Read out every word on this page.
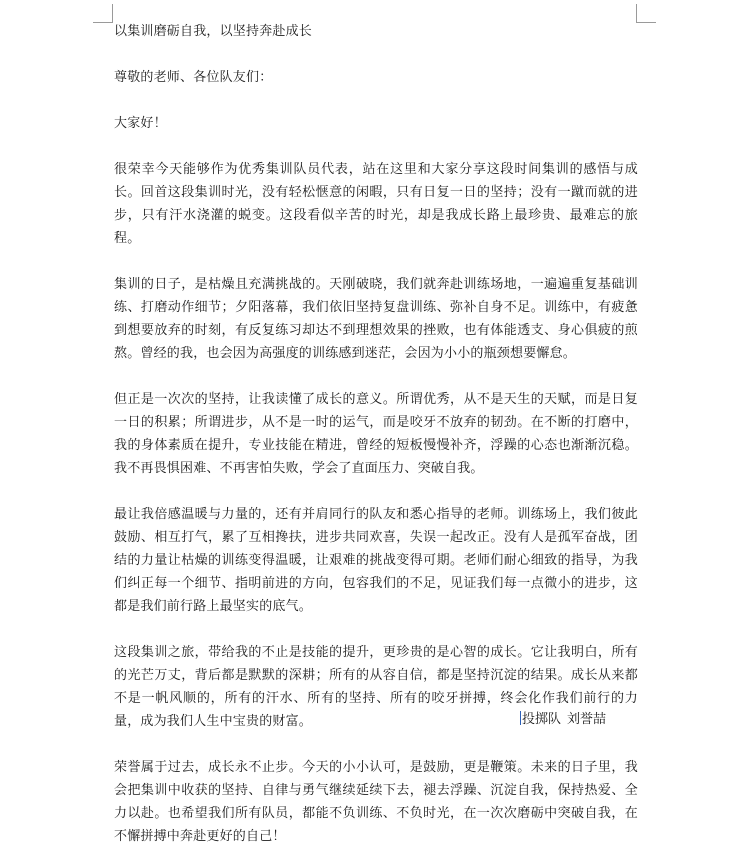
以集训磨砺自我，以坚持奔赴成长

尊敬的老师、各位队友们：

大家好！

很荣幸今天能够作为优秀集训队员代表，站在这里和大家分享这段时间集训的感悟与成长。回首这段集训时光，没有轻松惬意的闲暇，只有日复一日的坚持；没有一蹴而就的进步，只有汗水浇灌的蜕变。这段看似辛苦的时光，却是我成长路上最珍贵、最难忘的旅程。

集训的日子，是枯燥且充满挑战的。天刚破晓，我们就奔赴训练场地，一遍遍重复基础训练、打磨动作细节；夕阳落幕，我们依旧坚持复盘训练、弥补自身不足。训练中，有疲惫到想要放弃的时刻，有反复练习却达不到理想效果的挫败，也有体能透支、身心俱疲的煎熬。曾经的我，也会因为高强度的训练感到迷茫，会因为小小的瓶颈想要懈怠。

但正是一次次的坚持，让我读懂了成长的意义。所谓优秀，从不是天生的天赋，而是日复一日的积累；所谓进步，从不是一时的运气，而是咬牙不放弃的韧劲。在不断的打磨中，我的身体素质在提升，专业技能在精进，曾经的短板慢慢补齐，浮躁的心态也渐渐沉稳。我不再畏惧困难、不再害怕失败，学会了直面压力、突破自我。

最让我倍感温暖与力量的，还有并肩同行的队友和悉心指导的老师。训练场上，我们彼此鼓励、相互打气，累了互相搀扶，进步共同欢喜，失误一起改正。没有人是孤军奋战，团结的力量让枯燥的训练变得温暖，让艰难的挑战变得可期。老师们耐心细致的指导，为我们纠正每一个细节、指明前进的方向，包容我们的不足，见证我们每一点微小的进步，这都是我们前行路上最坚实的底气。

这段集训之旅，带给我的不止是技能的提升，更珍贵的是心智的成长。它让我明白，所有的光芒万丈，背后都是默默的深耕；所有的从容自信，都是坚持沉淀的结果。成长从来都不是一帆风顺的，所有的汗水、所有的坚持、所有的咬牙拼搏，终会化作我们前行的力量，成为我们人生中宝贵的财富。

荣誉属于过去，成长永不止步。今天的小小认可，是鼓励，更是鞭策。未来的日子里，我会把集训中收获的坚持、自律与勇气继续延续下去，褪去浮躁、沉淀自我，保持热爱、全力以赴。也希望我们所有队员，都能不负训练、不负时光，在一次次磨砺中突破自我，在不懈拼搏中奔赴更好的自己！

投掷队 刘誉喆
